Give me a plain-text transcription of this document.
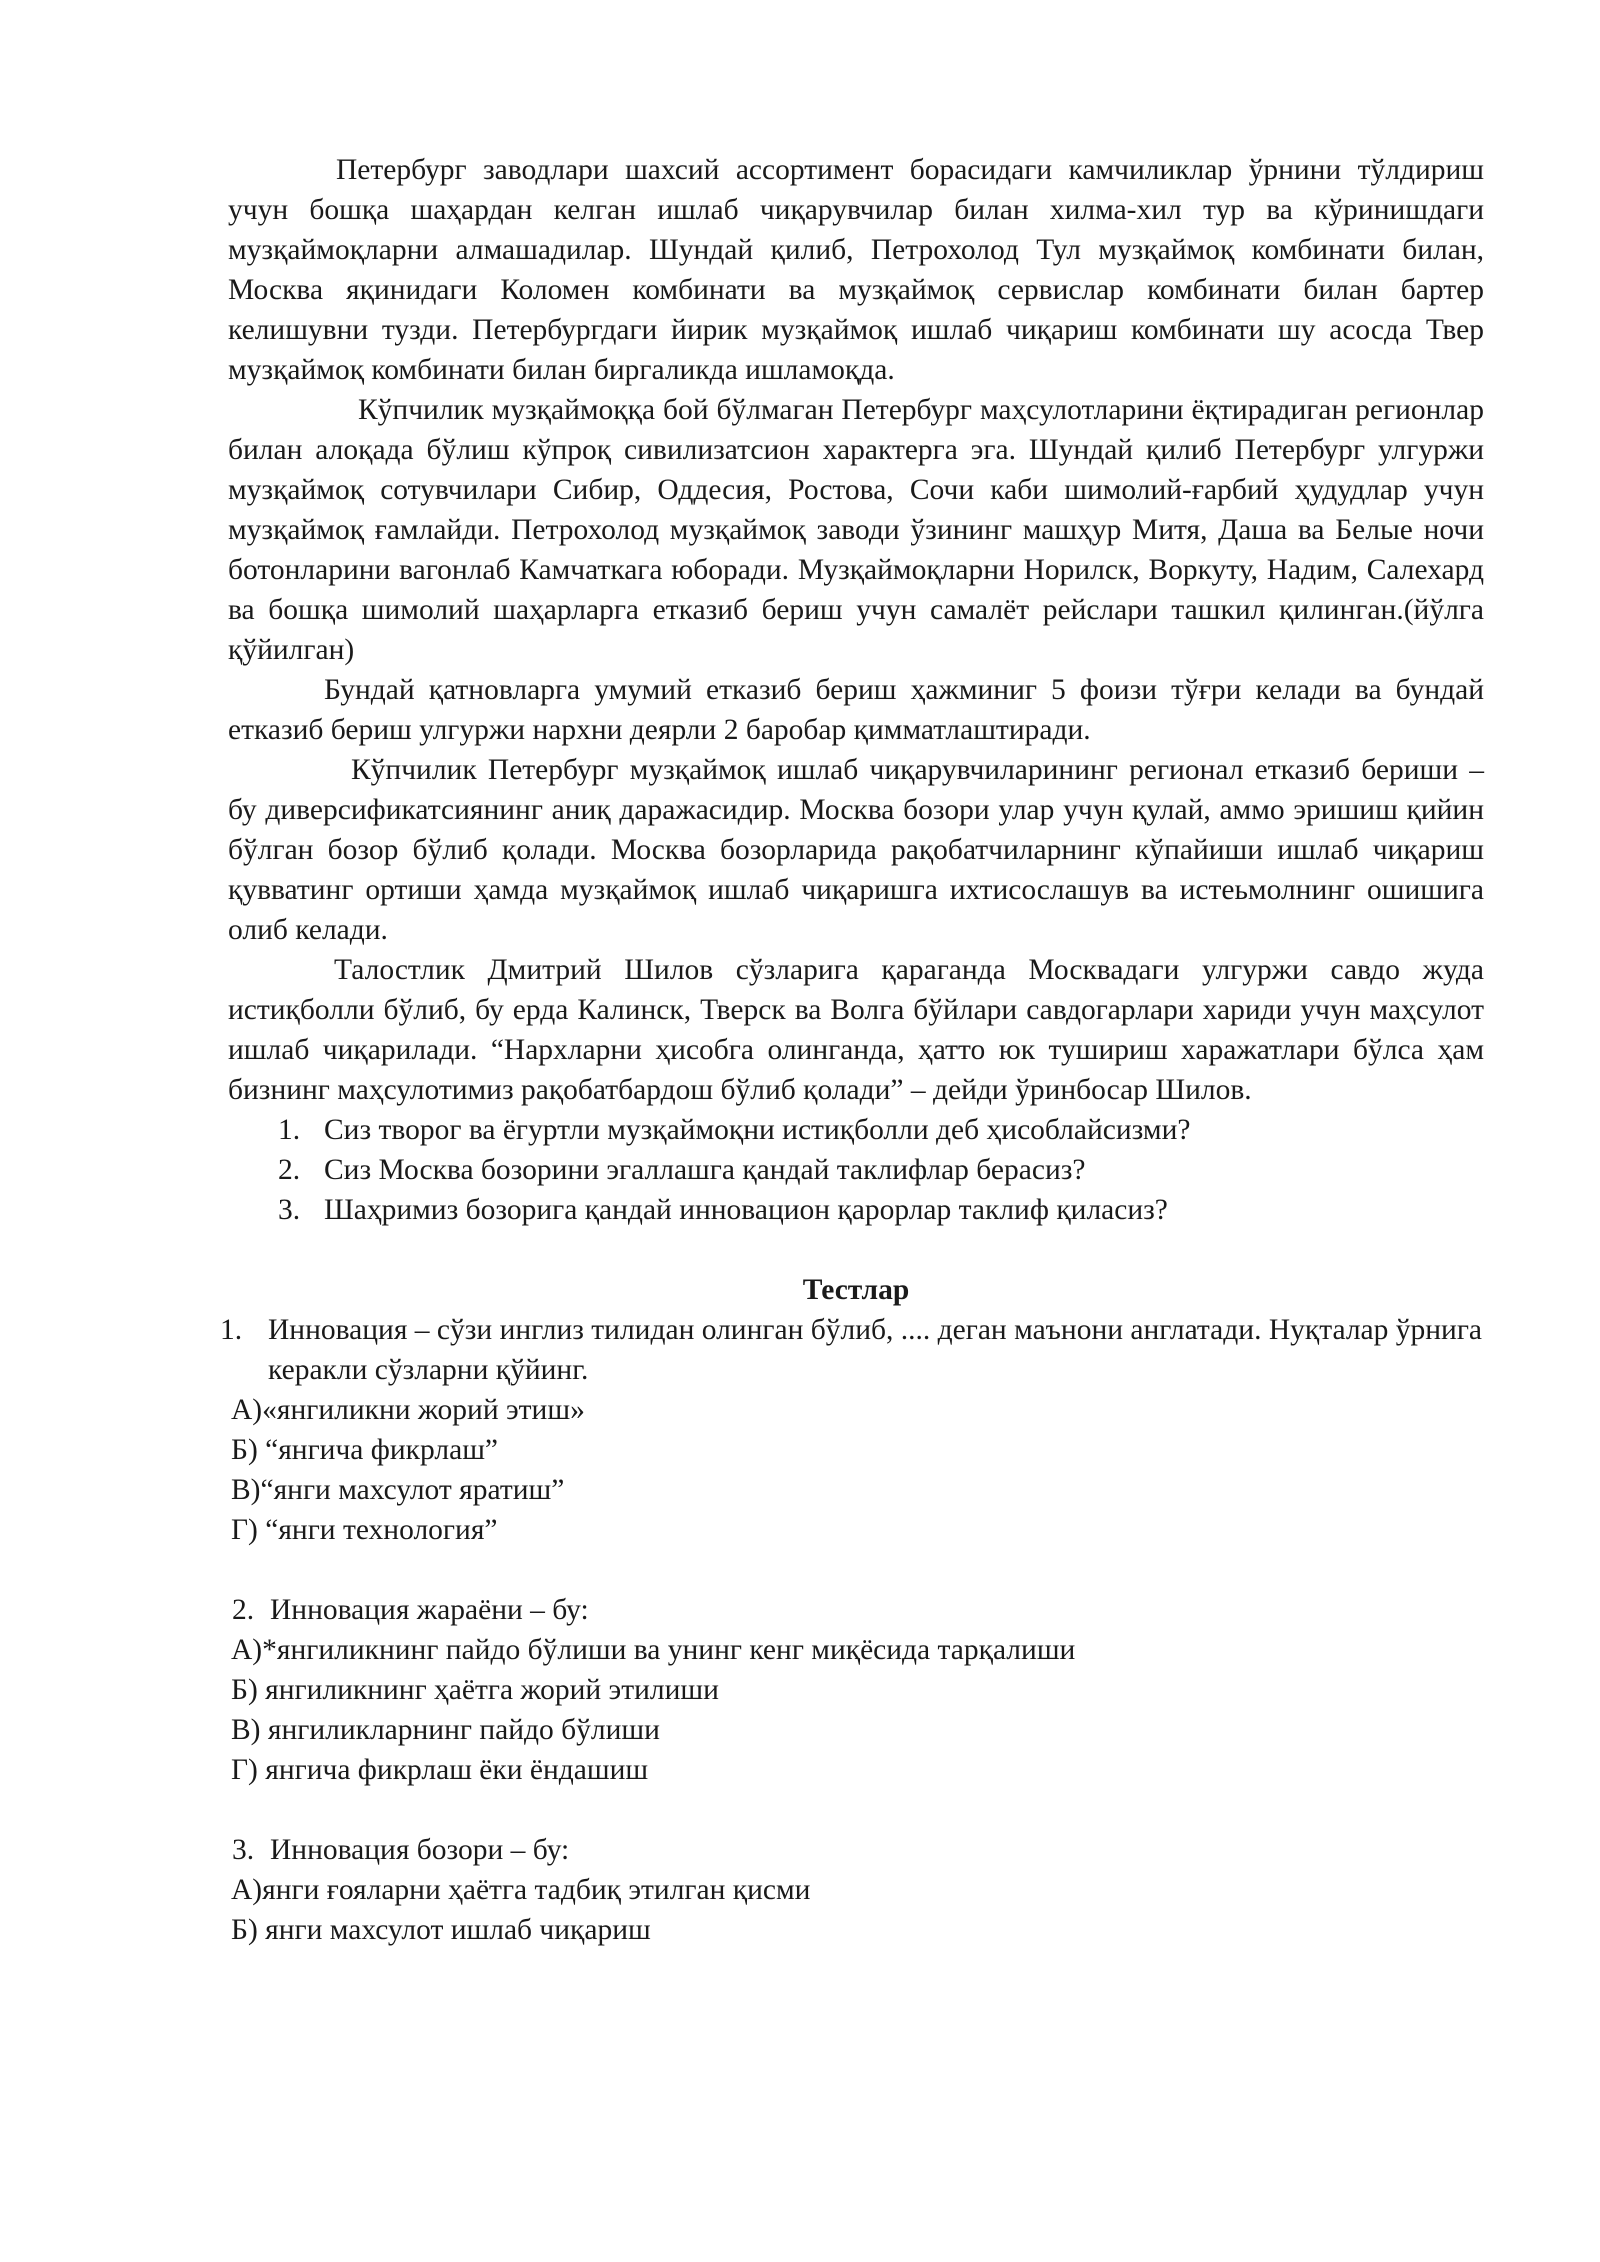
Петербург заводлари шахсий ассортимент борасидаги камчиликлар ўрнини тўлдириш учун бошқа шаҳардан келган ишлаб чиқарувчилар билан хилма-хил тур ва кўринишдаги музқаймоқларни алмашадилар. Шундай қилиб, Петрохолод Тул музқаймоқ комбинати билан, Москва яқинидаги Коломен комбинати ва музқаймоқ сервислар комбинати билан бартер келишувни тузди. Петербургдаги йирик музқаймоқ ишлаб чиқариш комбинати шу асосда Твер музқаймоқ комбинати билан биргаликда ишламоқда.

Кўпчилик музқаймоққа бой бўлмаган Петербург маҳсулотларини ёқтирадиган регионлар билан алоқада бўлиш кўпроқ сивилизатсион характерга эга. Шундай қилиб Петербург улгуржи музқаймоқ сотувчилари Сибир, Оддесия, Ростова, Сочи каби шимолий-ғарбий ҳудудлар учун музқаймоқ ғамлайди. Петрохолод музқаймоқ заводи ўзининг машҳур Митя, Даша ва Белые ночи ботонларини вагонлаб Камчаткага юборади. Музқаймоқларни Норилск, Воркуту, Надим, Салехард ва бошқа шимолий шаҳарларга етказиб бериш учун самалёт рейслари ташкил қилинган.(йўлга қўйилган)

Бундай қатновларга умумий етказиб бериш ҳажминиг 5 фоизи тўғри келади ва бундай етказиб бериш улгуржи нархни деярли 2 баробар қимматлаштиради.

Кўпчилик Петербург музқаймоқ ишлаб чиқарувчиларининг регионал етказиб бериши – бу диверсификатсиянинг аниқ даражасидир. Москва бозори улар учун қулай, аммо эришиш қийин бўлган бозор бўлиб қолади. Москва бозорларида рақобатчиларнинг кўпайиши ишлаб чиқариш қувватинг ортиши ҳамда музқаймоқ ишлаб чиқаришга ихтисослашув ва истеьмолнинг ошишига олиб келади.

Талостлик Дмитрий Шилов сўзларига қараганда Москвадаги улгуржи савдо жуда истиқболли бўлиб, бу ерда Калинск, Тверск ва Волга бўйлари савдогарлари хариди учун маҳсулот ишлаб чиқарилади. “Нархларни ҳисобга олинганда, ҳатто юк тушириш харажатлари бўлса ҳам бизнинг маҳсулотимиз рақобатбардош бўлиб қолади” – дейди ўринбосар Шилов.

1. Сиз творог ва ёгуртли музқаймоқни истиқболли деб ҳисоблайсизми?
2. Сиз Москва бозорини эгаллашга қандай таклифлар берасиз?
3. Шаҳримиз бозорига қандай инновацион қарорлар таклиф қиласиз?
Тестлар

1. Инновация – сўзи инглиз тилидан олинган бўлиб, .... деган маънони англатади. Нуқталар ўрнига керакли сўзларни қўйинг.

А)«янгиликни жорий этиш»
Б) “янгича фикрлаш”
В)“янги махсулот яратиш”
Г) “янги технология”

2. Инновация жараёни – бу:

А)*янгиликнинг пайдо бўлиши ва унинг кенг миқёсида тарқалиши
Б) янгиликнинг ҳаётга жорий этилиши
В) янгиликларнинг пайдо бўлиши
Г) янгича фикрлаш ёки ёндашиш

3. Инновация бозори – бу:

А)янги ғояларни ҳаётга тадбиқ этилган қисми
Б) янги махсулот ишлаб чиқариш
